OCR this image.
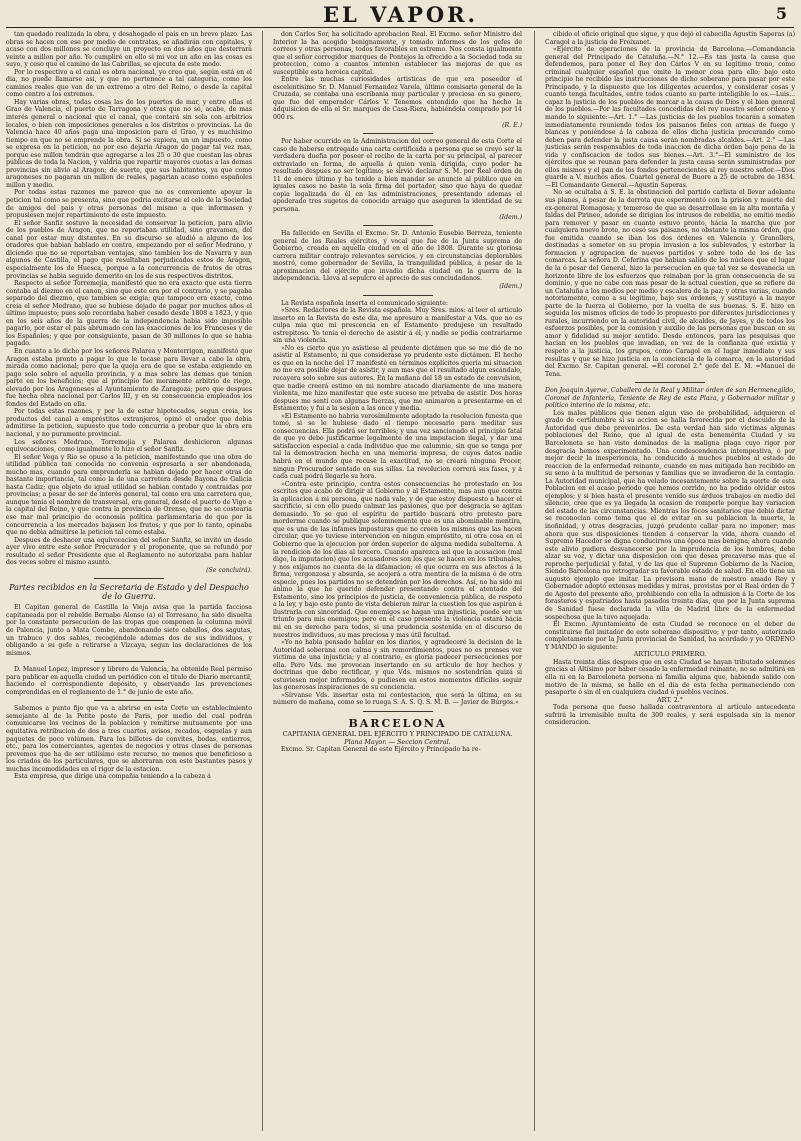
EL VAPOR.	5

tan quedado realizada la obra, y desahogado el pais en un breve plazo. Las obras se hacen con ese por medio de contratas, se añadirán con capitales, y acaso con dos millones se concluye un proyecto en dos años que desterrará veinte a millon por año. Yo cumpliré en ello si mi voz un año en las cosas es suyo, y ceso que el camino de las Cabrillas, se ejecuta de este modo.

Por lo respectivo a el canal es obra nacional, yo creo que, según está en el dia, no puede llamarse asi, y que no pertenece a tal categoria, como los caminos reales que van de un extremo a otro del Reino, o desde la capital como centro a los extremos.

Hay varias obras, todas cosas las de los puertos de mar, y entre ellas el Grao de Valencia, el puerto de Tarragona y otras que no sé, acabe, de mas interés general o nacional que el canal, que contará sin sola con arbitrios locales, o bien con imposiciones generales a los distritos o provincias. La de Valencia hace 40 años paga una imposicion para el Grao, y es muchísimo tiempo en que no se emprende la obra. Si se supiera, un un impuesto, como se expresa en la peticion, no por eso dejaria Aragon de pagar tal vez mas, porque ese millon tendrán que agregarse a los 25 o 30 que cuestan las obras públicas de toda la Nacion, y valdria que repartir mayores cuotas a las demas provincias sin alivio al Aragon; de suerte, que sus habitantes, ya que como aragoneses no pagaran un millon de reales, pagarian acaso como españoles millon y medio.

Por todas estas razones me parece que no es conveniente apoyar la peticion tal como se presenta, sino que podria excitarse el celo de la Sociedad de amigos del pais y otras personas del mismo a que informasen y propusiesen mejor repartimiento de este impuesto.

El señor Sanfiz sostuvo la necesidad de conservar la peticion, para alivio de los pueblos de Aragon, que no reportaban utilidad, sino gravamen, del canal por estar muy distantes. En su discurso se aludió a alguno de los oradores que habian hablado en contra, empezando por el señor Medrano, y diciendo que no se reportaban ventajas, sino tambien los de Navarra y aun algunos de Castilla, el pago que resultaban perjudicados estos de Aragon, especialmente los de Huesca, porque a la concurrencia de frutos de otras provincias se habia seguido demerito en los de sus respectivos distritos.

Respecto al señor Torremejia, manifestó que no era exacto que esta tierra contaba al diezmo en el canon, sino que este era por el contrario, y se pagaba separado del diezmo, que tambien se exigia; que tampoco era exacto, como creia el señor Medrano, que se hubiese dejado de pagar por muchos años el último impuesto; pues solo recordaba haber cesado desde 1808 a 1823, y que en los seis años de la guerra de la independencia habia sido imposible pagarlo, por estar el pais abrumado con las exacciones de los Franceses y de los Españoles; y que por consiguiente, pasan de 30 millones lo que se habia pagado.

En cuanto a lo dicho por los señores Palarea y Monterrigon, manifestó que Aragon estaba pronto a pagar lo que le tocase para llevar a cabo la obra, mirada como nacional; pero que la queja era de que se estaba exigiendo en pago solo sobre el aquella provincia, y a mas sobre las demas que tenian parte en los beneficios; que al principio fue meramente arbitrio de riego, elevado por los Aragoneses al Ayuntamiento de Zaragoza; pero que despues fue hecha obra nacional por Carlos III, y en su consecuencia empleados los fondos del Estado en ella.

Por todas estas razones, y por la de estar hipotecados, segun creia, los productos del canal a empréstitos extranjeros, opinó el orador que debia admitirse la peticion, supuesto que todo concurria a probar que la obra era nacional, y no puramente provincial.

Los señores Medrano, Torremejia y Palarea deshicieron algunas equivocaciones, como igualmente lo hizo el señor Sanfiz.

El señor Vega y Rio se opuso a la peticion, manifestando que una obra de utilidad pública tan conocida no convenia espresarla a ser abandonada, mucho mas, cuando para emprenderla se habian dejado por hacer otras de bastante importancia, tal como la de una carretera desde Bayona de Galicia hasta Cadiz; que objeto de igual utilidad se habian contado y contraidas por provincias; a pesar de ser de interés general, tal como era una carretera que, aunque tenia el nombre de transversal, era general, desde el puerto de Vigo a la capital del Reino, y que contra la provincia de Orense, que no se costearia ese mar mal principio de economía política parlamentaria de que por la concurrencia a los mercados bajasen los frutos; y que por lo tanto, opinaba que no debia admitirse la peticion tal como estaba.

Despues de deshacer una equivocacion del señor Sanfiz, se invitó un desde ayer vivo entre este señor Procurador y el proponente, que se refundó por resultado el señor Presidente que el Reglamento no autorizaba para hablar dos veces sobre el mismo asunto.

(Se concluirá).
Partes recibidos en la Secretaria de Estado y del Despacho de lo Guerra.

El Capitan general de Castilla la Vieja avisa que la partida facciosa capitaneada por el rebelde Bernabe Alonso (a) el Torresano, ha sido disuelta por la constante persecucion de las tropas que componen la columna móvil de Palencia, junto a Mata Combe, abandonando siete caballos, dos sagutas, un trabuco y dos sables, recogiéndole ademas dos de sus individuos, y obligando a su gefe a retirarse a Vizcaya, segun las declaraciones de los mismos.

D. Manuel Lopez, impresor y librero de Valencia, ha obtenido Real permiso para publicar en aquella ciudad un periódico con el titulo de Diario mercantil, haciendo el correspondiente depósito, y observando las prevenciones comprendidas en el reglamento de 1.° de junio de este año.

Sabemos a punto fijo que va a abrirse en esta Corte un establecimiento semejante al de la Petite poste de Paris, por medio del cual podrán comunicarse los vecinos de la poblacion y remitirse mutuamente por una equitativa retribucion de dos a tres cuartos, avisos, recados, esquelas y aun paquetes de poco volúmen. Para los billetes de convites, bodas, entierros, etc., para los comerciantes, agentes de negocios y otras clases de personas prevemos que ha de ser utilísimo este recurso, no menos que beneficioso a los criados de los particulares, que se ahorraran con este bastantes pasos y muchas incomodidades en el rigor de la estacion.

Esta empresa, que dirige una compañia teniendo a la cabeza á

don Carlos Sor, ha solicitado aprobacion Real. El Excmo. señor Ministro del Interior la ha acogido benignamente, y tomado informes de los gefes de correos y otras personas, todos favorables en estremo. Nos consta igualmente que el señor corregidor marques de Pontejos la ofrecido a la Sociedad toda su proteccion, como a cuantos intenten establecer las mejoras de que es susceptible esta heroica capital.

Entre las muchas curiosidades artisticas de que era poseedor el escelentísimo Sr. D. Manuel Fernandez Varela, último comisario general de la Cruzada, se contaba una escribania muy particular y preciosa en su genero, que fue del emperador Cárlos V. Tenemos entendido que ha hecho la adquisicion de ella el Sr. marques de Casa-Riera, habiéndola comprado por 14 000 rs.

(R. E.)

Por haber ocurrido en la Administracion del correo general de esta Corte el caso de haberse entregado una carta certificada a persona que se creyó ser la verdadera duefia por poseer el recibo de la carta por su principal, al parecer extraviado en forma, de aquella á quien venia dirigida, cuyo poder ha resultado despues no ser legítimo; se sirvió declarar S. M. por Real órden de 11 de enero último y ha tenido a bien mandar se anuncie al público que en iguales casos no baste la sola firma del portador, sino que haya de quedar copia legalizada de él en las administraciones, presentando ademas el apoderado tres sugetos de conocido arraigo que aseguren la identidad de su persona.

(Idem.)

Ha fallecido en Sevilla el Excmo. Sr. D. Antonio Eusebio Berreza, teniente general de los Reales ejércitos, y vocal que fue de la Junta suprema de Gobierno, creada en aquella ciudad en el año de 1808. Durante su gloriosa carrera militar contrajo relevantes servicios, y en circunstancias deplorables mostró, como gobernador de Sevilla, la tranquilidad pública, á pesar de la aproximacion del ejército que invadio dicha ciudad en la guerra de la independencia. Lleva al sepulcro el aprecio de sus conciudadanos.

(Idem.)

La Revista española inserta el comunicado siguiente:

«Sres. Redactores de la Revista española. Muy Sres. mios: al leer el articulo inserto en la Revista de este dia, me apresuro a manifestar a Vds. que no es culpa mia que mi prescencia en el Estamento produjese un resultado estrepitoso. Yo tenia el derecho de asistir á él, y nadie se podia contrariarme sin una violencia.

»No es cierto que yo asistiese al prudente dictámen que se me dió de no asistir al Estamento, ni que considerase yo prudente este dictámen. El hecho es que en la noche del 17 manifesté en términos explícitos quería mi situacion no me era posible dejar de asistir, y aun mas que el resultado algun escándalo, recayera solo sobre sus autores. En la mañana del 18 un estado de convulsion, que nadie creerá estimo en mi nombre atacado diariamente de una manera violenta, me hizo manifestar que este suceso me privaba de asistir. Dos horas despues me sentí con algunas fuerzas, que me animaron a presentarme en el Estamento; y fui a la sesion a las once y media.

»El Estamento no habria verosímilmente adoptado la resolucion funesta que tomó, si se le hubiese dado el tiempo necesario para meditar sus consecuencias. Ella podrá ser terribles; y una vez sancionado el principio fatal de que yo debo justificarme legalmente de una imputacion ilegal, y dar una satisfaccion especial a cada individuo que me calumnie, sin que se tenga por tal la demostracion hecha en una memoria impresa, de cuyos datos nadie habrá en el mundo que recuse la exactitud, no se creará ninguna Procer, ningun Procurador sentado en sus sillas. La revolucion correrá sus fases, y á cada cual podrá llegarle su hora.

»Contra este principio, contra estos consecuencias he protestado en los escritos que acabo de dirigir al Gobierno y al Estamento, mas aun que contra la aplicacion á mi persona, que nada vale, y de que estoy dispuesto a hacer el sacrificio, si con ello puedo calmar las pasiones, que por desgracia se agitan demasiado. Yo se que el espíritu de partido buscará otro pretesto para morderme cuando se publique solemnemente que es una abominable mentira, que es una de las infames imposturas que no creen los mismos que las hacen circular, que yo tuviese intervencion en ningun empréstito, ni otra cosa en el Gobierno que la ejecucion por órden superior de alguna medida subalterna. A la rendicion de los días al tercero. Cuando aparezca así que la acusacion (mal digo, la imputacion) que los acusadores son los que se hacen en los tribunales, y nos exijamos no cuenta de la difamacion; el que ocurra en sus afectos á la firma, vergonzosa y absurda, se acojerá a otra mentira de la misma ó de otra especie, pues los partidos no se detendrán por los derechos. Así, no ha sido mi ánimo la que he querido defender presentando contra el atentado del Estamento, sino los principios de justicia, de conveniencia pública, de respeto a la ley, y bajo este punto de vista debieran mirar la cuestion los que aspiran á ilustrarla con sinceridad. Que enemigos se hagan una injusticia, puede ser un triunfo para mis enemigos; pero en el caso presente la violencia estará hácia mi en su derecho para todos, si una prudencia sostenida en el discurso de nuestros individuos, su mas preciosa y mas útil facultad.

»Yo no habia pensado hablar en los diarios, y agradeceré la decision de la Autoridad soberana con calma y sin remordimientos, pues no es prenses ver victima de una injusticia; y al contrario, es gloria padecer persecuciones por ella. Pero Vds. me provocan insertando en su artículo de hoy hechos y doctrinas que debo rectificar, y que Vds. mismos no sostendrian quizá si estuviesen mejor informados, ó pudiesen en estos momentos difíciles seguir las generosas inspiraciones de su conciencia.

»Sírvanse Vds. insertar esta mi contestacion, que será la última, en su número de mañana, como se lo ruega S. A. S. Q. S. M. B. — Javier de Búrgos.»

BARCELONA
CAPITANIA GENERAL DEL EJÉRCITO Y PRINCIPADO DE CATALUÑA.
Plana Mayor. — Seccion Central.

Excmo. Sr. Capitan General de este Ejército y Principado ha re-

cibido el oficio original que sigue, y que dejó el cabecilla Agustin Saperas (a) Caragol a la justicia de Freixanet.

«Ejército de operaciones de la provincia de Barcelona.—Comandancia general del Principado de Cataluña.—N.° 12.—Es tan justa la causa que defendemos, para poner el Rey don Cárlos V en su legítimo trono, como criminal cualquier español que omite la menor cosa para ello; bajo esto principio he recibido las instrucciones de dicho soberano para pasar por este Principado, y la dispuesto que los diligentes acuerdos, y considerar cosas y cuanto tenga facultades, entre todos cuanto su parte inteligible lo es.—Luis... capaz la justicia de los pueblos de marcar a la causa de Dios y el bien general de los pueblos.—Por las facultades concedidas del rey nuestro señor ordeno y mando lo siguiente:—Art. 1.° —Las justicias de los pueblos tocarán a somaten inmediatamente reuniendo todos los paisanos fieles con armas de fuego y blancas y poniéndose á la cabeza de ellos dicha justicia procurando como deben para defender la justa causa serán nombradas alcaldes.—Art. 2.° —Las justicias serán responsables de toda inaccion de dicha órden bajo pena de la vida y confiscacion de todos sus bienes.—Art. 3.°—El suministro de los ejércitos que se reunan para defender la justa causa serán suministradas por ellos mismos y el pan de los fondos pertenecientes al rey nuestro señor.—Dios guarde a V. muchos años. Cuartel general de Buore a 25 de octubre de 1834. —El Comandante General.—Agustin Saperas.

No se ocultaba á S. E. la obstinacion del partido carlista el llevar adelante sus planes, á pesar de la derrota que esperimentó con la prision y muerte del ex-general Romagosa; y temeroso de que se desarrollase en la alta montaña y faldas del Pirineo, adonde se dirigian los intrusos de rebeldia, no omitió medio para remover y pasar en cuanto estuvo pronto, hácia la marcha que por cualquiera nuevo brote, no cesó sus paisanos, no obstante la misma órden, que fue emitida cuando se iban los dos órdenes en Valencia y Granollers, destinadas a someter en su propia invasion a los sublevados, y estorbar la formacion y agrupacion de nuevos partidos y sobre todo de los de las comarcas. La señora D. Ceferina que habian salido de los núcleos que el lugar de la ó pesar del General, hizo la persecucion en que tal vez se desvanecia un horizonte libre de los esfuerzos que reinaban por la gran consecuencia de su dominio, y que no cabe con mas pesar de la actual cuestion, que se refiere de un Cataluña a los medios por medio y escalera de la paz; y otras varias, cuando notoriamente, como a su legítimo, bajo sus órdenes, y sustituyó a la mayor parte de la fuerza al Gobierno, por la vuelta de sus buenas. S. E. hizo en seguida los mismos oficios de todo lo propuesto por diferentes jurisdicciones y rurales, incurriendo en la autoridad civil, de alcaldes, de Jayes, y de todos los esfuerzos posibles, por la comision y auxilio de las personas que buscan en su amor y fidelidad su mejor sentido. Desde entonces, para las pesquisas que hacian en los pueblos que invadian, en vez de la confianza que existia y respeto a la justicia, los grupos, como Caragol en el lugar inmediato y sus resultas y que se hizo justicia en la conciencia de la comarca, en la autoridad del Excmo. Sr. Capitan general. =El coronel 2.° gefe del E. M. =Manuel de Tena.

Don Joaquin Ayerve, Caballero de la Real y Militar órden de san Hermenegildo, Coronel de Infantería, Teniente de Rey de esta Plaza, y Gobernador militar y político interino de la misma, etc.

Los males públicos que tienen algun viso de probabilidad, adquieren el grado de certidumbre si su accion se halla favorecida por el descuido de la Autoridad que debe prevenirlos. De esta verdad han sido víctimas algunas poblaciones del Reino, que al igual de esta benemérita Ciudad y su Barceloneta se han visto dominadas de la maligna plaga cuyo rigor por desgracia hemos experimentado. Una condescendencia intempestiva, ó por mejor decir la inesperiencia, ha conducido á muchos pueblos al estado de reaccion de la enfermedad reinante, cuando en mas mitigada han recibido en su seno á la multitud de personas y familias que se invadieron de la contagio. La Autoridad municipal, que ha velado incesantemente sobre la suerte de esta Poblacion en el acaso periodo que hemos corrido, no ha podido olvidar estos ejemplos; y si bien hasta el presente venido sus árduos trabajos en medio del silencio, cree que es ya llegada la ocasion de romperle porque hay variacion del estado de las circunstancias. Mientras los focos sanitarios que debió dictar se reconocian como tema que el de evitar en su poblacion la muerte, la inoñnidad, y otras desgracias, juzgó prudente callar para no imponer; mas ahora que sus disposiciones tienden á conservar la vida, ahora cuando el Supremo Hacedor se digna conducirnos una época mas benigna; ahora cuando este alivio pudiera desvanecerse por la imprudencia de los hombres, debe alzar su voz, y dictar una disposicion con que desea precaverse mas que el reproche perjudicial y fatal, y de las que el Supremo Gobierno de la Nacion, Siendo Barcelona no retrogradar su favorable estado de salud. En ello tiene un augusto ejemplo que imitar. La previsora mano de nuestro amado Rey y Gobernador adoptó extensas medidas y miras, provistas por el Real órden de 7 de Agosto del presente año, prohibiendo con ella la admision á la Corte de los forasteros y espatriados hasta pasados treinta días, que por la Junta suprema de Sanidad fuese declarada la villa de Madrid libre de la enfermedad sospechosa que la tuvo aquejada.

El Excmo. Ayuntamiento de esta Ciudad se reconoce en el deber de constituirse fiel imitador de este soberano dispositivo; y por tanto, autorizado completamente por la Junta provincial de Sanidad, ha acordado y yo ORDENO Y MANDO lo siguiente:

ARTICULO PRIMERO.

Hasta treinta días despues que en esta Ciudad se hayan tributado solemnes gracias al Altísimo por haber cesado la enfermedad reinante, no se admitirá en ella ni en la Barceloneta persona ni familia alguna que, habiendo salido con motivo de la misma, se halle en el día de esta fecha permaneciendo con pasaporte ó sin él en cualquiera ciudad ó pueblos vecinos.

ART. 2.°

Toda persona que fuese hallada contraventora al artículo antecedente sufrirá la irremisible multa de 300 reales, y será espulsada sin la menor consideracion.
